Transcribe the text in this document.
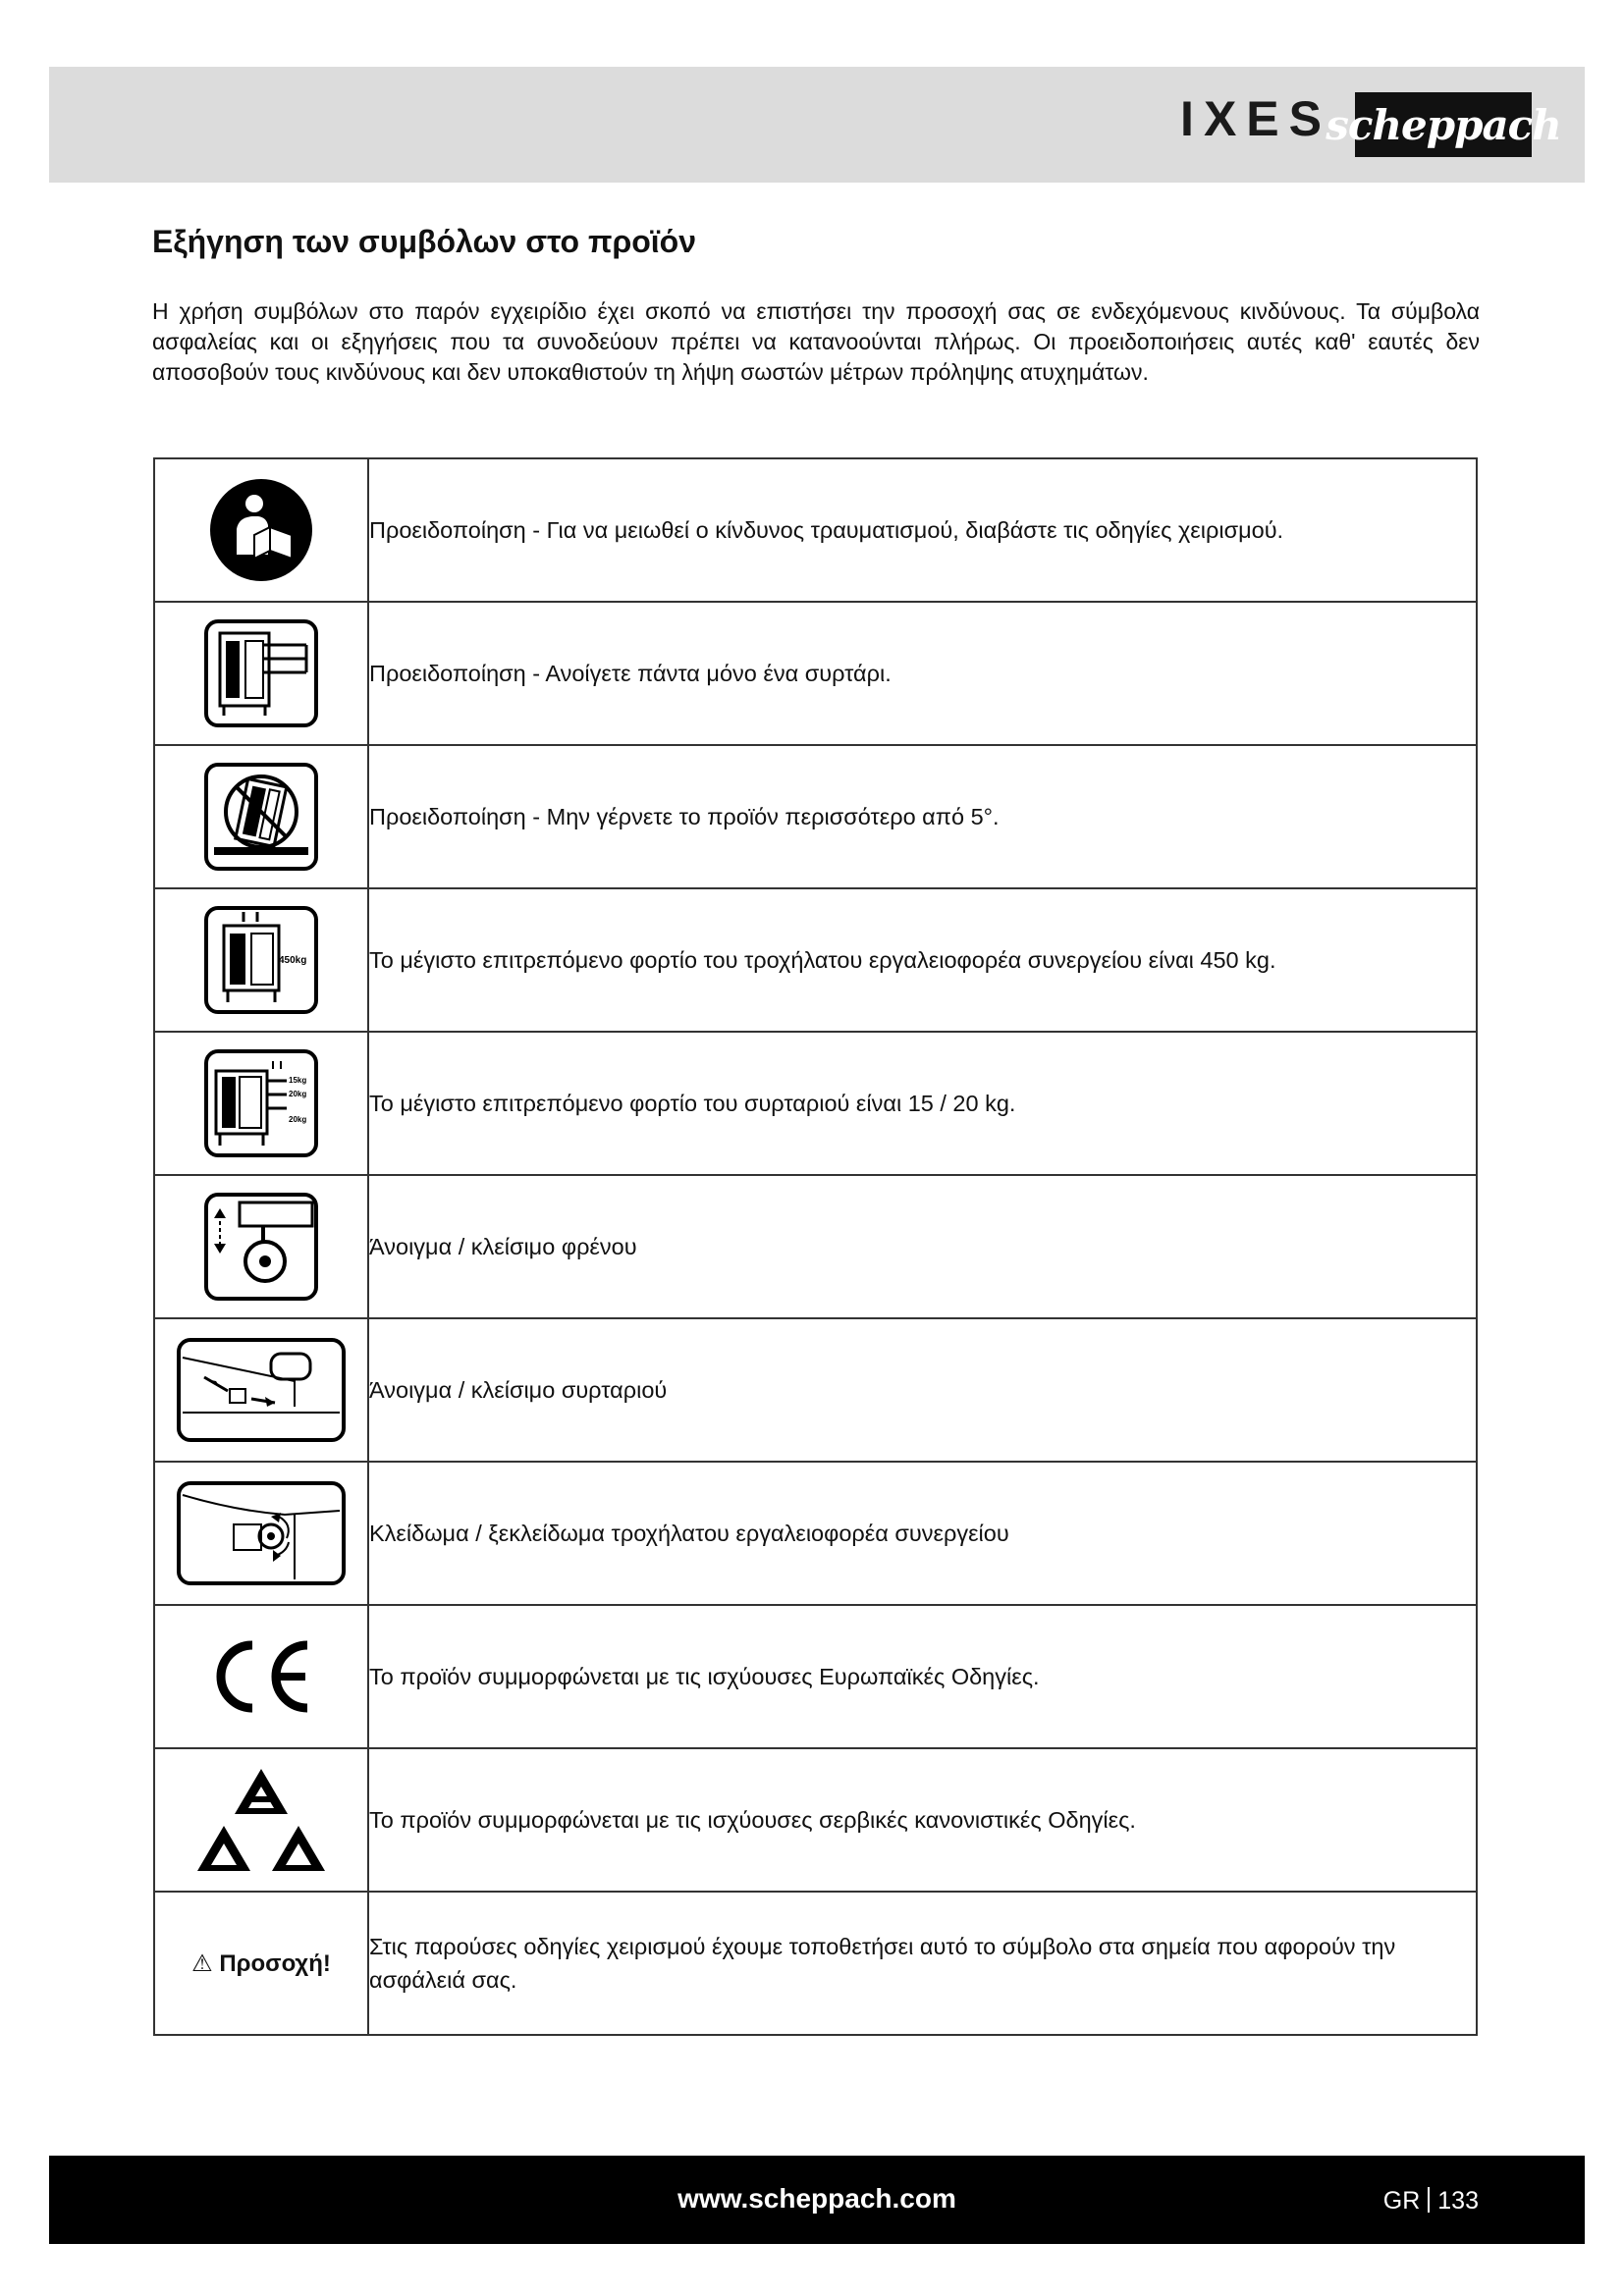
IXES
scheppach
Εξήγηση των συμβόλων στο προϊόν

Η χρήση συμβόλων στο παρόν εγχειρίδιο έχει σκοπό να επιστήσει την προσοχή σας σε ενδεχόμενους κινδύνους. Τα σύμβολα ασφαλείας και οι εξηγήσεις που τα συνοδεύουν πρέπει να κατανοούνται πλήρως. Οι προειδοποιήσεις αυτές καθ' εαυτές δεν αποσοβούν τους κινδύνους και δεν υποκαθιστούν τη λήψη σωστών μέτρων πρόληψης ατυχημάτων.

	Προειδοποίηση - Για να μειωθεί ο κίνδυνος τραυματισμού, διαβάστε τις οδηγίες χειρισμού.
	Προειδοποίηση - Ανοίγετε πάντα μόνο ένα συρτάρι.
	Προειδοποίηση - Μην γέρνετε το προϊόν περισσότερο από 5°.

450kg	Το μέγιστο επιτρεπόμενο φορτίο του τροχήλατου εργαλειοφορέα συνεργείου είναι 450 kg.

15kg
20kg
20kg	Το μέγιστο επιτρεπόμενο φορτίο του συρταριού είναι 15 / 20 kg.
	Άνοιγμα / κλείσιμο φρένου
	Άνοιγμα / κλείσιμο συρταριού
	Κλείδωμα / ξεκλείδωμα τροχήλατου εργαλειοφορέα συνεργείου
	Το προϊόν συμμορφώνεται με τις ισχύουσες Ευρωπαϊκές Οδηγίες.
	Το προϊόν συμμορφώνεται με τις ισχύουσες σερβικές κανονιστικές Οδηγίες.
⚠ Προσοχή!	Στις παρούσες οδηγίες χειρισμού έχουμε τοποθετήσει αυτό το σύμβολο στα σημεία που αφορούν την ασφάλειά σας.
www.scheppach.com	GR 133
